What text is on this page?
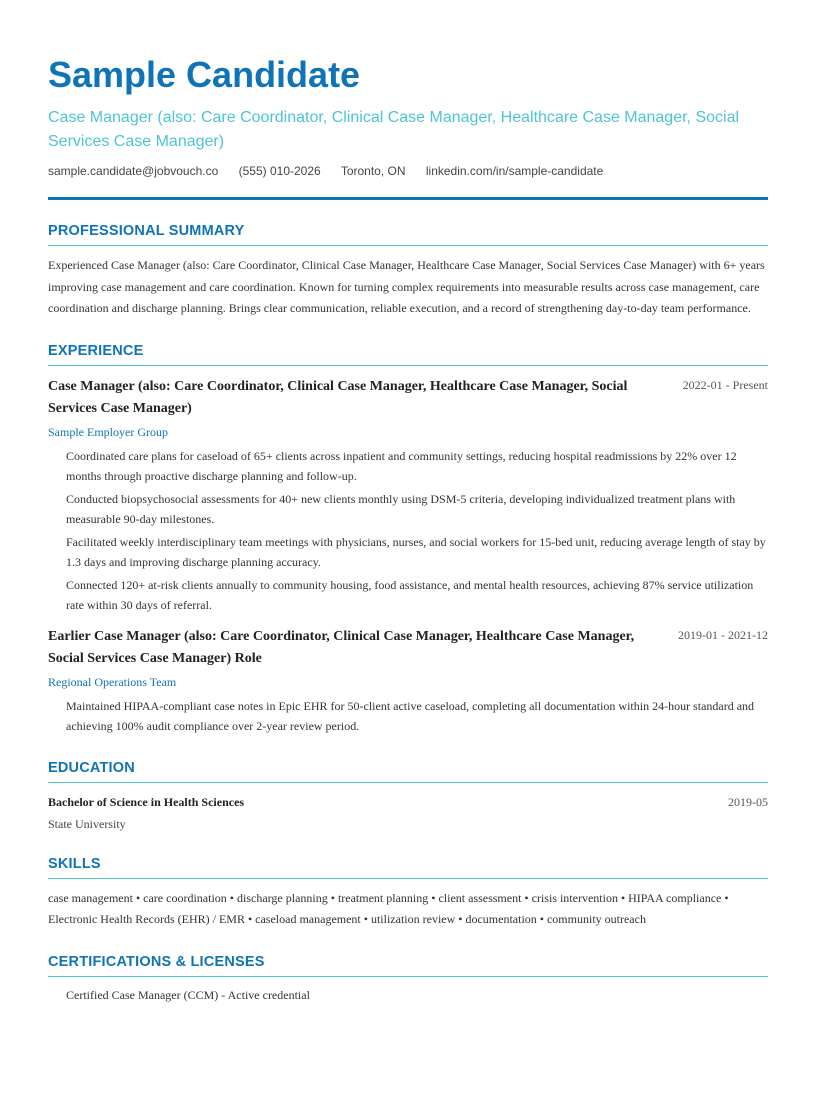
Sample Candidate
Case Manager (also: Care Coordinator, Clinical Case Manager, Healthcare Case Manager, Social Services Case Manager)
sample.candidate@jobvouch.co (555) 010-2026 Toronto, ON linkedin.com/in/sample-candidate
PROFESSIONAL SUMMARY
Experienced Case Manager (also: Care Coordinator, Clinical Case Manager, Healthcare Case Manager, Social Services Case Manager) with 6+ years improving case management and care coordination. Known for turning complex requirements into measurable results across case management, care coordination and discharge planning. Brings clear communication, reliable execution, and a record of strengthening day-to-day team performance.
EXPERIENCE
Case Manager (also: Care Coordinator, Clinical Case Manager, Healthcare Case Manager, Social Services Case Manager)
2022-01 - Present
Sample Employer Group
Coordinated care plans for caseload of 65+ clients across inpatient and community settings, reducing hospital readmissions by 22% over 12 months through proactive discharge planning and follow-up.
Conducted biopsychosocial assessments for 40+ new clients monthly using DSM-5 criteria, developing individualized treatment plans with measurable 90-day milestones.
Facilitated weekly interdisciplinary team meetings with physicians, nurses, and social workers for 15-bed unit, reducing average length of stay by 1.3 days and improving discharge planning accuracy.
Connected 120+ at-risk clients annually to community housing, food assistance, and mental health resources, achieving 87% service utilization rate within 30 days of referral.
Earlier Case Manager (also: Care Coordinator, Clinical Case Manager, Healthcare Case Manager, Social Services Case Manager) Role
2019-01 - 2021-12
Regional Operations Team
Maintained HIPAA-compliant case notes in Epic EHR for 50-client active caseload, completing all documentation within 24-hour standard and achieving 100% audit compliance over 2-year review period.
EDUCATION
Bachelor of Science in Health Sciences	2019-05
State University
SKILLS
case management • care coordination • discharge planning • treatment planning • client assessment • crisis intervention • HIPAA compliance • Electronic Health Records (EHR) / EMR • caseload management • utilization review • documentation • community outreach
CERTIFICATIONS & LICENSES
Certified Case Manager (CCM) - Active credential
